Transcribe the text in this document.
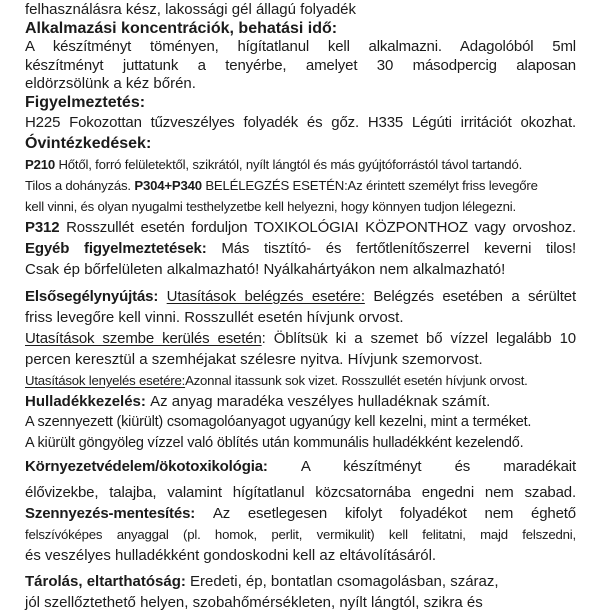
felhasználásra kész, lakossági gél állagú folyadék
Alkalmazási koncentrációk, behatási idő:
A készítményt töményen, hígítatlanul kell alkalmazni. Adagolóból 5ml
készítményt juttatunk a tenyérbe, amelyet 30 másodpercig alaposan
eldörzsölünk a kéz bőrén.
Figyelmeztetés:
H225 Fokozottan tűzveszélyes folyadék és gőz. H335 Légúti irritációt okozhat.
Óvintézkedések:
P210 Hőtől, forró felületektől, szikrától, nyílt lángtól és más gyújtóforrástól távol tartandó.
Tilos a dohányzás. P304+P340 BELÉLEGZÉS ESETÉN:Az érintett személyt friss levegőre
kell vinni, és olyan nyugalmi testhelyzetbe kell helyezni, hogy könnyen tudjon lélegezni.
P312 Rosszullét esetén forduljon TOXIKOLÓGIAI KÖZPONTHOZ vagy orvoshoz.
Egyéb figyelmeztetések: Más tisztító- és fertőtlenítőszerrel keverni tilos!
Csak ép bőrfelületen alkalmazható! Nyálkahártyákon nem alkalmazható!
Elsősegélynyújtás: Utasítások belégzés esetére: Belégzés esetében a sérültet
friss levegőre kell vinni. Rosszullét esetén hívjunk orvost.
Utasítások szembe kerülés esetén: Öblítsük ki a szemet bő vízzel legalább 10
percen keresztül a szemhéjakat szélesre nyitva. Hívjunk szemorvost.
Utasítások lenyelés esetére:Azonnal itassunk sok vizet. Rosszullét esetén hívjunk orvost.
Hulladékkezelés: Az anyag maradéka veszélyes hulladéknak számít.
A szennyezett (kiürült) csomagolóanyagot ugyanúgy kell kezelni, mint a terméket.
A kiürült göngyöleg vízzel való öblítés után kommunális hulladékként kezelendő.
Környezetvédelem/ökotoxikológia: A készítményt és maradékait
élővizekbe, talajba, valamint hígítatlanul közcsatornába engedni nem szabad.
Szennyezés-mentesítés: Az esetlegesen kifolyt folyadékot nem éghető
felszívóképes anyaggal (pl. homok, perlit, vermikulit) kell felitatni, majd felszedni,
és veszélyes hulladékként gondoskodni kell az eltávolításáról.
Tárolás, eltarthatóság: Eredeti, ép, bontatlan csomagolásban, száraz,
jól szellőztethető helyen, szobahőmérsékleten, nyílt lángtól, szikra és
